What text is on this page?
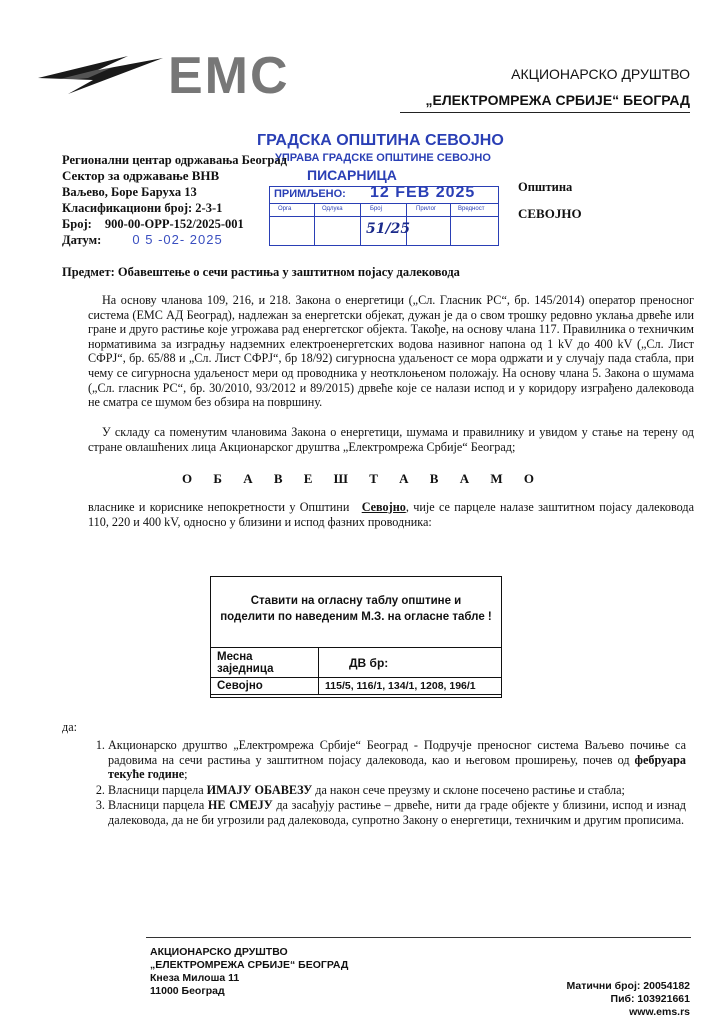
ЕМС	АКЦИОНАРСКО ДРУШТВО
„ЕЛЕКТРОМРЕЖА СРБИЈЕ“ БЕОГРАД
ГРАДСКА ОПШТИНА СЕВОЈНО
УПРАВА ГРАДСКЕ ОПШТИНЕ СЕВОЈНО
ПИСАРНИЦА
ПРИМЉЕНО: 12 FEB 2025
Орга	Одлука	Број	Прилог	Вредност
51/25
Регионални центар одржавања Београд
Сектор за одржавање ВНВ
Ваљево, Боре Баруха 13
Класификациони број: 2-3-1
Број: 900-00-ОРР-152/2025-001
Датум: 0 5 -02- 2025
Општина
СЕВОЈНО
Предмет: Обавештење о сечи растиња у заштитном појасу далековода
На основу чланова 109, 216, и 218. Закона о енергетици („Сл. Гласник РС“, бр. 145/2014) оператор преносног система (ЕМС АД Београд), надлежан за енергетски објекат, дужан је да о свом трошку редовно уклања дрвеће или гране и друго растиње које угрожава рад енергетског објекта. Такође, на основу члана 117. Правилника о техничким нормативима за изградњу надземних електроенергетских водова називног напона од 1 kV до 400 kV („Сл. Лист СФРЈ“, бр. 65/88 и „Сл. Лист СФРЈ“, бр 18/92) сигурносна удаљеност се мора одржати и у случају пада стабла, при чему се сигурносна удаљеност мери од проводника у неотклоњеном положају. На основу члана 5. Закона о шумама („Сл. гласник РС“, бр. 30/2010, 93/2012 и 89/2015) дрвеће које се налази испод и у коридору изграђено далековода не сматра се шумом без обзира на површину.
У складу са поменутим члановима Закона о енергетици, шумама и правилнику и увидом у стање на терену од стране овлашћених лица Акционарског друштва „Електромрежа Србије“ Београд;
О Б А В Е Ш Т А В А М О
власнике и кориснике непокретности у Општини Севојно, чије се парцеле налазе заштитном појасу далековода 110, 220 и 400 kV, односно у близини и испод фазних проводника:
Ставити на огласну таблу општине и
поделити по наведеним М.З. на огласне табле !
Месна заједница	ДВ бр:
Севојно	115/5, 116/1, 134/1, 1208, 196/1
да:
1. Акционарско друштво „Електромрежа Србије“ Београд - Подручје преносног система Ваљево почиње са радовима на сечи растиња у заштитном појасу далековода, као и његовом проширењу, почев од фебруара текуће године;
2. Власници парцела ИМАЈУ ОБАВЕЗУ да након сече преузму и склоне посечено растиње и стабла;
3. Власници парцела НЕ СМЕЈУ да засађују растиње – дрвеће, нити да граде објекте у близини, испод и изнад далековода, да не би угрозили рад далековода, супротно Закону о енергетици, техничким и другим прописима.
АКЦИОНАРСКО ДРУШТВО
„ЕЛЕКТРОМРЕЖА СРБИЈЕ“ БЕОГРАД
Кнеза Милоша 11
11000 Београд	Матични број: 20054182
Пиб: 103921661
www.ems.rs
